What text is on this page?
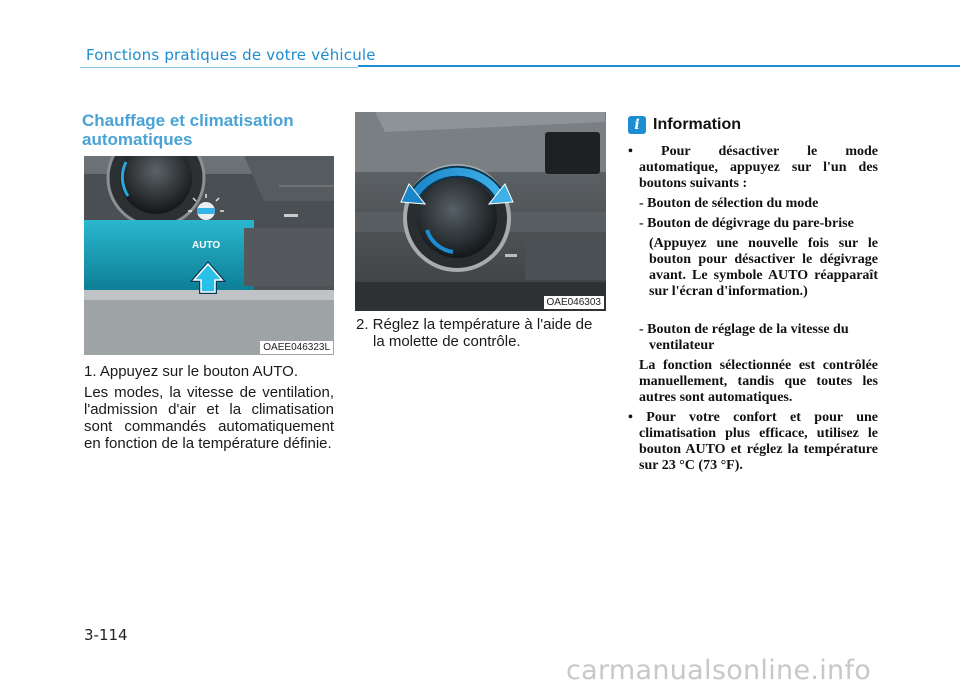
Fonctions pratiques de votre véhicule
Chauffage et climatisation
automatiques
AUTO
OAEE046323L
1. Appuyez sur le bouton AUTO.
Les modes, la vitesse de ventilation, l'admission d'air et la climatisation sont commandés automatiquement en fonction de la température définie.
OAE046303
2. Réglez la température à l'aide de
la molette de contrôle.
i Information
• Pour désactiver le mode
automatique, appuyez sur l'un des boutons suivants :
- Bouton de sélection du mode
- Bouton de dégivrage du pare-brise
(Appuyez une nouvelle fois sur le bouton pour désactiver le dégivrage avant. Le symbole AUTO réapparaît sur l'écran d'information.)
- Bouton de réglage de la vitesse du
ventilateur
La fonction sélectionnée est contrôlée manuellement, tandis que toutes les autres sont automatiques.
• Pour votre confort et pour une
climatisation plus efficace, utilisez le bouton AUTO et réglez la température sur 23 °C (73 °F).
3-114
carmanualsonline.info
